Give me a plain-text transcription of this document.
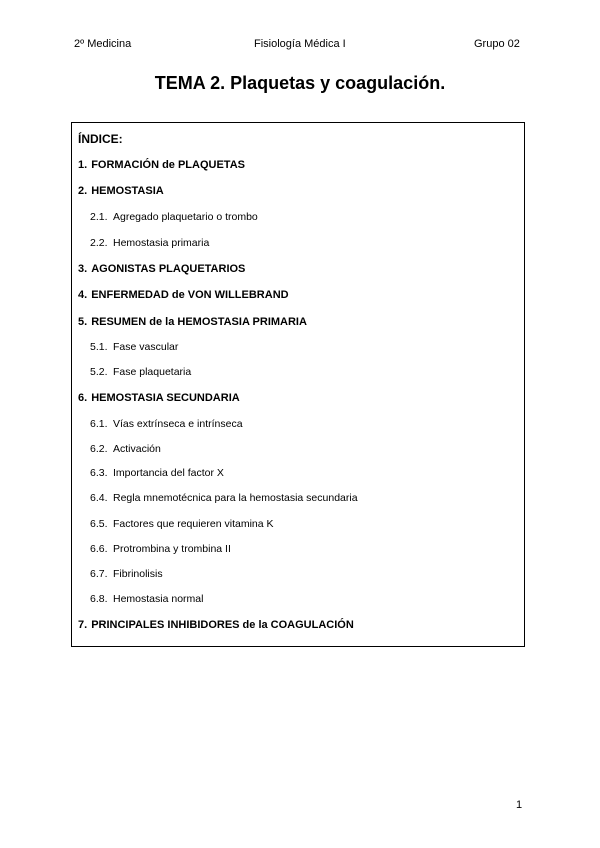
2º Medicina	Fisiología Médica I	Grupo 02
TEMA 2. Plaquetas y coagulación.
ÍNDICE:
1. FORMACIÓN de PLAQUETAS
2. HEMOSTASIA
2.1. Agregado plaquetario o trombo
2.2. Hemostasia primaria
3. AGONISTAS PLAQUETARIOS
4. ENFERMEDAD de VON WILLEBRAND
5. RESUMEN de la HEMOSTASIA PRIMARIA
5.1. Fase vascular
5.2. Fase plaquetaria
6. HEMOSTASIA SECUNDARIA
6.1. Vías extrínseca e intrínseca
6.2. Activación
6.3. Importancia del factor X
6.4. Regla mnemotécnica para la hemostasia secundaria
6.5. Factores que requieren vitamina K
6.6. Protrombina y trombina II
6.7. Fibrinolisis
6.8. Hemostasia normal
7. PRINCIPALES INHIBIDORES de la COAGULACIÓN
1
